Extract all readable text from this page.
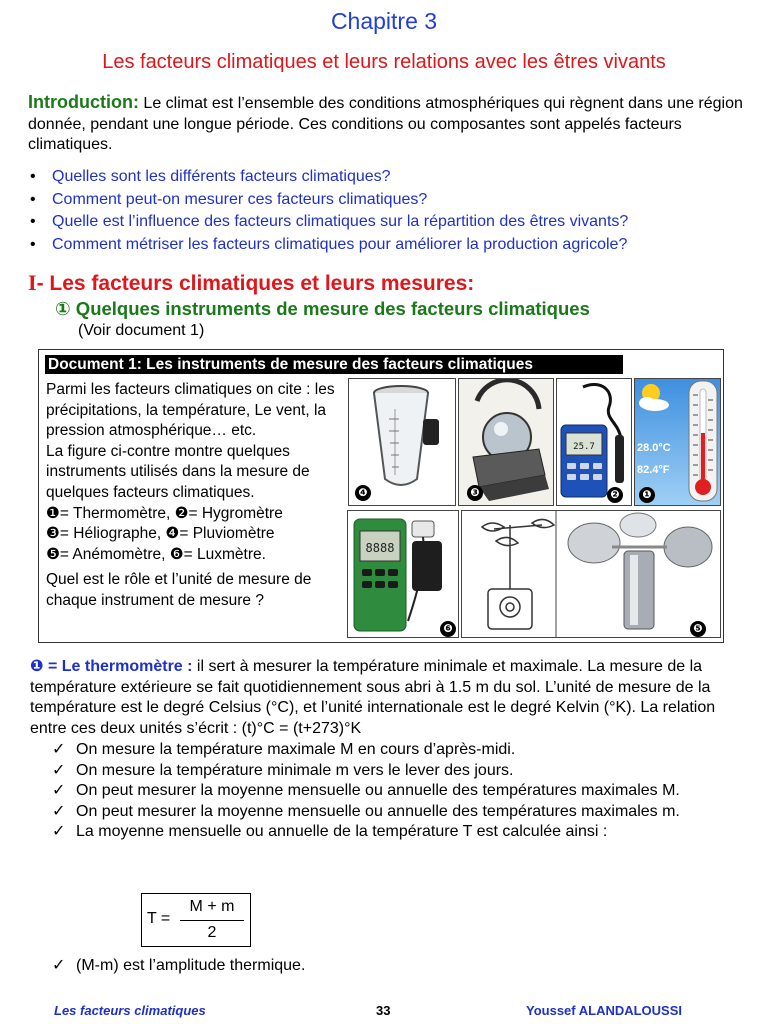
Chapitre 3
Les facteurs climatiques et leurs relations avec les êtres vivants
Introduction: Le climat est l’ensemble des conditions atmosphériques qui règnent dans une région donnée, pendant une longue période. Ces conditions ou composantes sont appelés facteurs climatiques.
• Quelles sont les différents facteurs climatiques?
• Comment peut-on mesurer ces facteurs climatiques?
• Quelle est l’influence des facteurs climatiques sur la répartition des êtres vivants?
• Comment métriser les facteurs climatiques pour améliorer la production agricole?
I- Les facteurs climatiques et leurs mesures:
① Quelques instruments de mesure des facteurs climatiques
(Voir document 1)
Document 1: Les instruments de mesure des facteurs climatiques

Parmi les facteurs climatiques on cite : les précipitations, la température, Le vent, la pression atmosphérique… etc.

La figure ci-contre montre quelques instruments utilisés dans la mesure de quelques facteurs climatiques.

❶= Thermomètre, ❷= Hygromètre

❸= Héliographe, ❹= Pluviomètre

❺= Anémomètre, ❻= Luxmètre.

Quel est le rôle et l’unité de mesure de chaque instrument de mesure ?

❹	❸
25.7
❷
28.0°C
82.4°F
❶
8888
❻	❺
❶ = Le thermomètre : il sert à mesurer la température minimale et maximale. La mesure de la température extérieure se fait quotidiennement sous abri à 1.5 m du sol. L’unité de mesure de la température est le degré Celsius (°C), et l’unité internationale est le degré Kelvin (°K). La relation entre ces deux unités s’écrit : (t)°C = (t+273)°K
✓ On mesure la température maximale M en cours d’après-midi.
✓ On mesure la température minimale m vers le lever des jours.
✓ On peut mesurer la moyenne mensuelle ou annuelle des températures maximales M.
✓ On peut mesurer la moyenne mensuelle ou annuelle des températures maximales m.
✓ La moyenne mensuelle ou annuelle de la température T est calculée ainsi :
T =
M + m
2
✓ (M-m) est l’amplitude thermique.
Les facteurs climatiques	33	Youssef ALANDALOUSSI
